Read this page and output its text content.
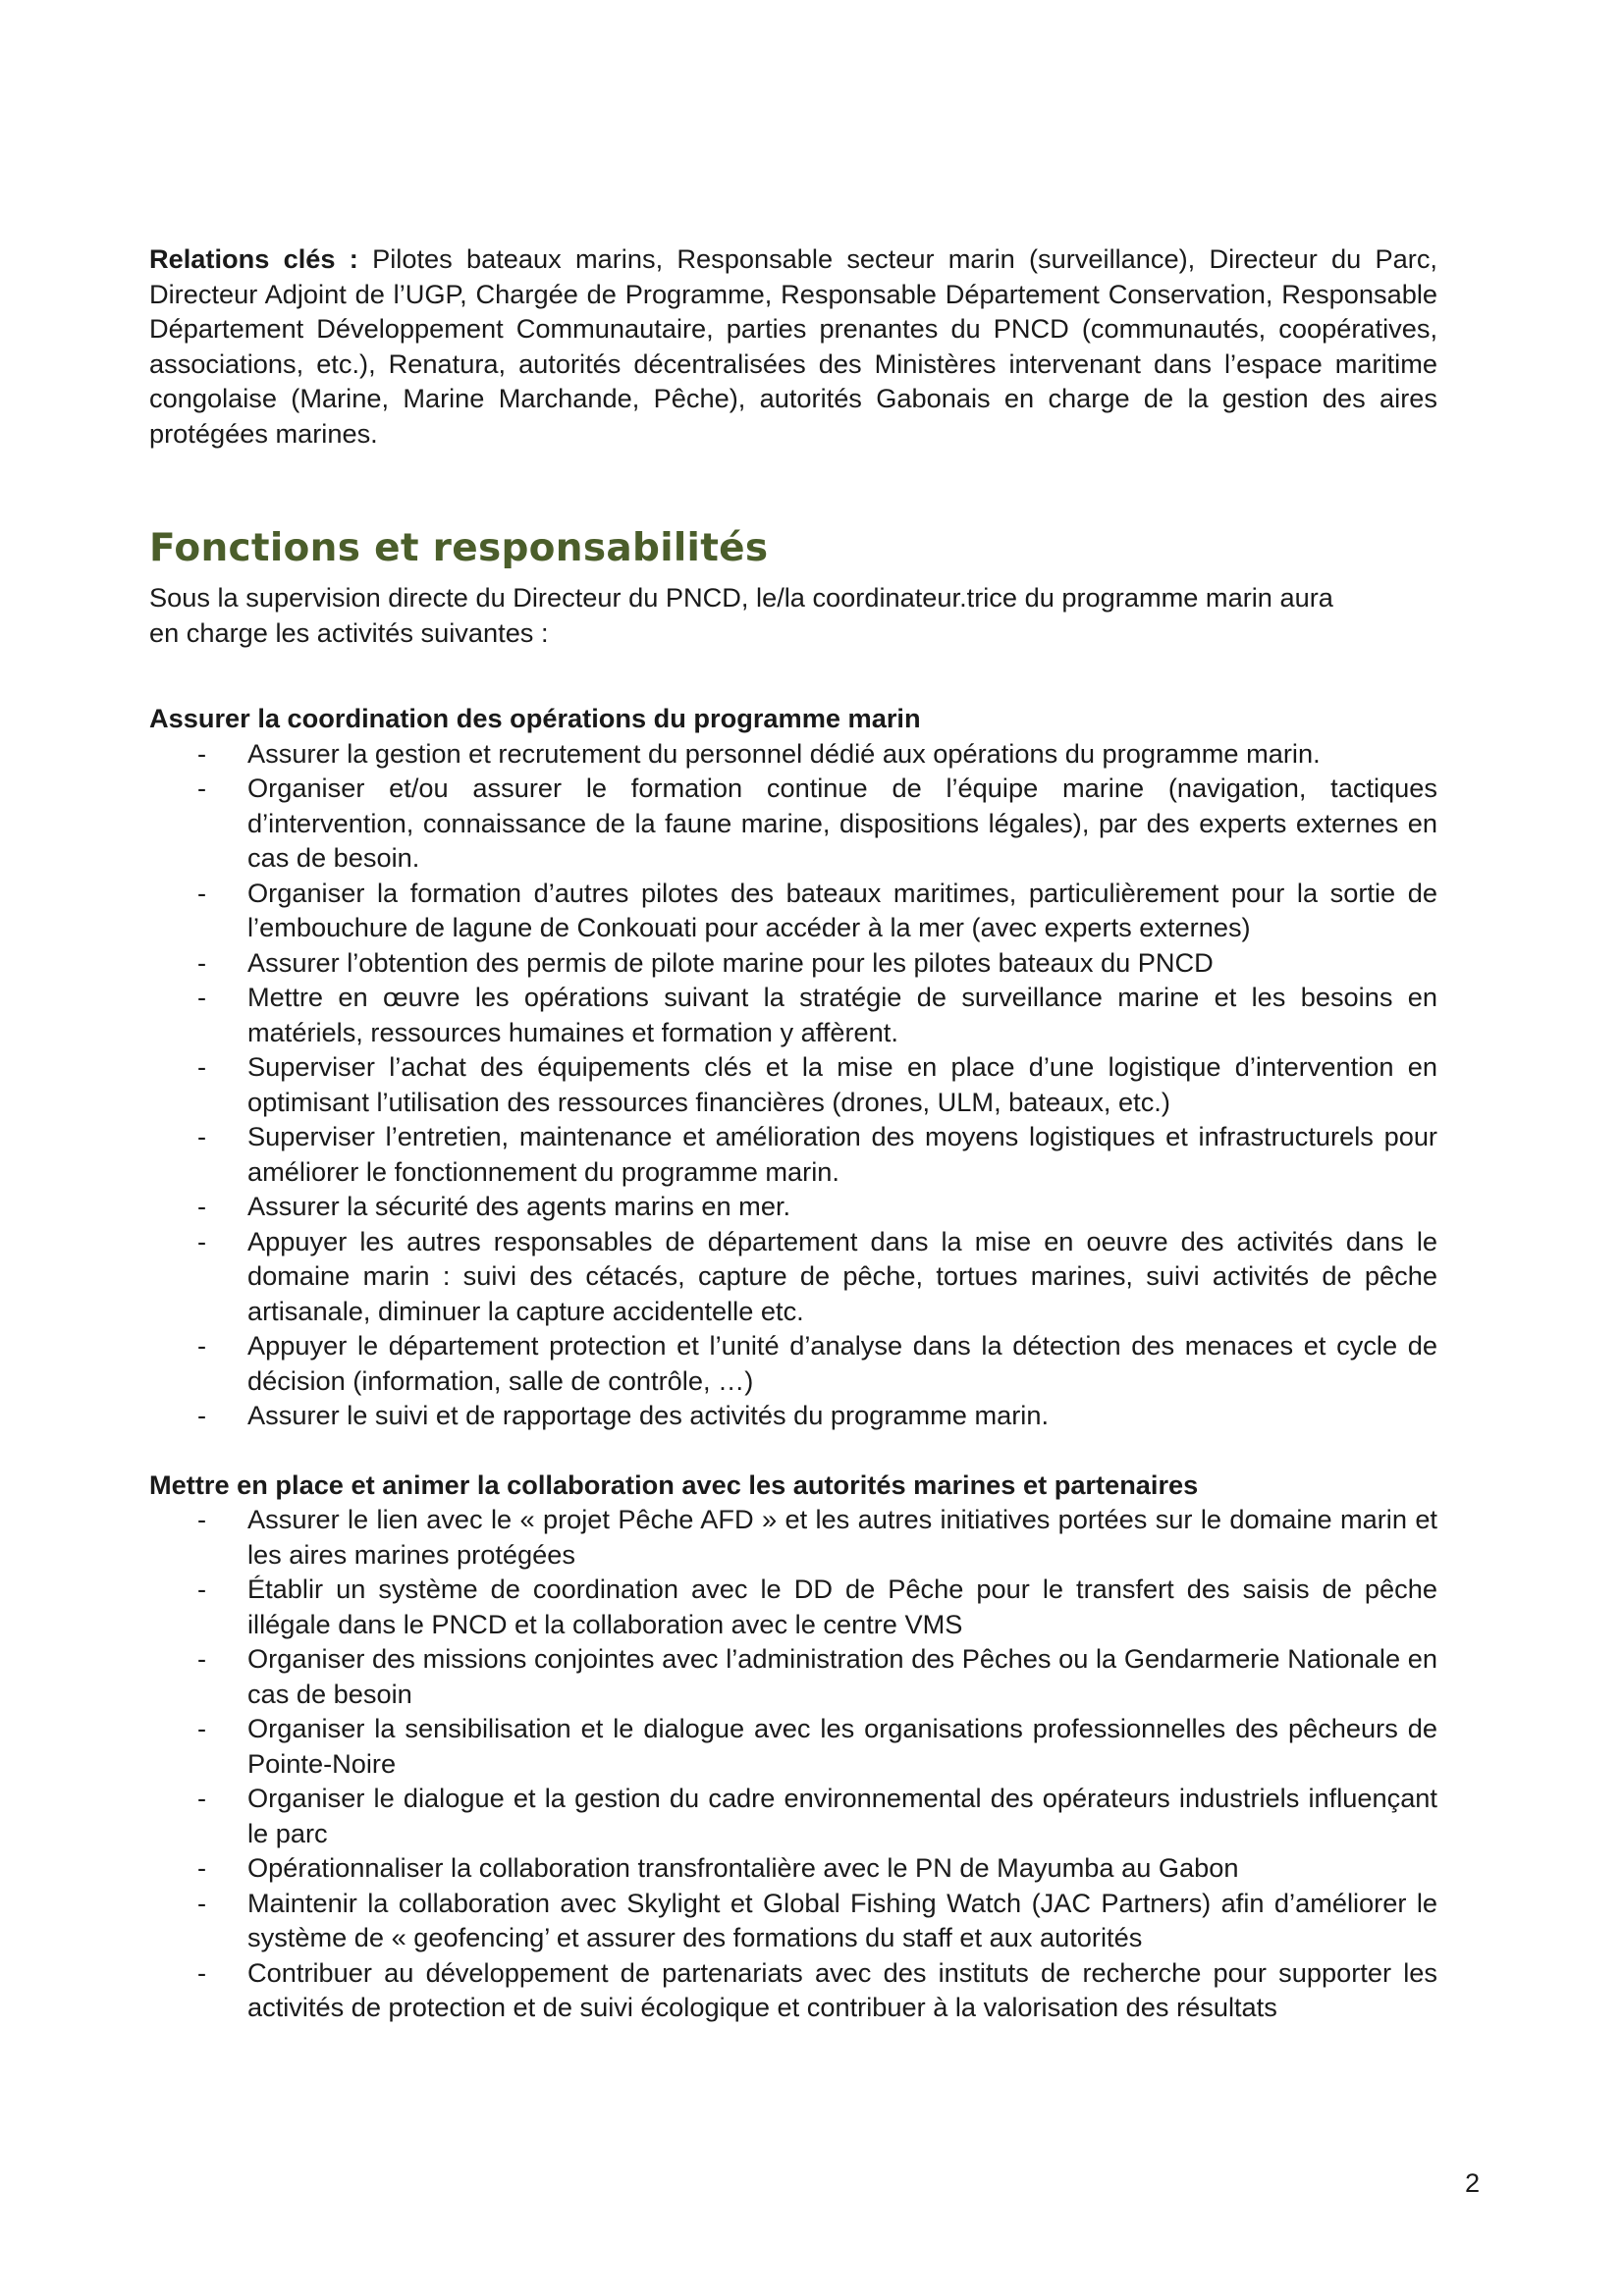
Relations clés : Pilotes bateaux marins, Responsable secteur marin (surveillance), Directeur du Parc, Directeur Adjoint de l’UGP, Chargée de Programme, Responsable Département Conservation, Responsable Département Développement Communautaire, parties prenantes du PNCD (communautés, coopératives, associations, etc.), Renatura, autorités décentralisées des Ministères intervenant dans l’espace maritime congolaise (Marine, Marine Marchande, Pêche), autorités Gabonais en charge de la gestion des aires protégées marines.

Fonctions et responsabilités

Sous la supervision directe du Directeur du PNCD, le/la coordinateur.trice du programme marin aura en charge les activités suivantes :

Assurer la coordination des opérations du programme marin

- Assurer la gestion et recrutement du personnel dédié aux opérations du programme marin.
- Organiser et/ou assurer le formation continue de l’équipe marine (navigation, tactiques d’intervention, connaissance de la faune marine, dispositions légales), par des experts externes en cas de besoin.
- Organiser la formation d’autres pilotes des bateaux maritimes, particulièrement pour la sortie de l’embouchure de lagune de Conkouati pour accéder à la mer (avec experts externes)
- Assurer l’obtention des permis de pilote marine pour les pilotes bateaux du PNCD
- Mettre en œuvre les opérations suivant la stratégie de surveillance marine et les besoins en matériels, ressources humaines et formation y affèrent.
- Superviser l’achat des équipements clés et la mise en place d’une logistique d’intervention en optimisant l’utilisation des ressources financières (drones, ULM, bateaux, etc.)
- Superviser l’entretien, maintenance et amélioration des moyens logistiques et infrastructurels pour améliorer le fonctionnement du programme marin.
- Assurer la sécurité des agents marins en mer.
- Appuyer les autres responsables de département dans la mise en oeuvre des activités dans le domaine marin : suivi des cétacés, capture de pêche, tortues marines, suivi activités de pêche artisanale, diminuer la capture accidentelle etc.
- Appuyer le département protection et l’unité d’analyse dans la détection des menaces et cycle de décision (information, salle de contrôle, …)
- Assurer le suivi et de rapportage des activités du programme marin.

Mettre en place et animer la collaboration avec les autorités marines et partenaires

- Assurer le lien avec le « projet Pêche AFD » et les autres initiatives portées sur le domaine marin et les aires marines protégées
- Établir un système de coordination avec le DD de Pêche pour le transfert des saisis de pêche illégale dans le PNCD et la collaboration avec le centre VMS
- Organiser des missions conjointes avec l’administration des Pêches ou la Gendarmerie Nationale en cas de besoin
- Organiser la sensibilisation et le dialogue avec les organisations professionnelles des pêcheurs de Pointe-Noire
- Organiser le dialogue et la gestion du cadre environnemental des opérateurs industriels influençant le parc
- Opérationnaliser la collaboration transfrontalière avec le PN de Mayumba au Gabon
- Maintenir la collaboration avec Skylight et Global Fishing Watch (JAC Partners) afin d’améliorer le système de « geofencing’ et assurer des formations du staff et aux autorités
- Contribuer au développement de partenariats avec des instituts de recherche pour supporter les activités de protection et de suivi écologique et contribuer à la valorisation des résultats
2
